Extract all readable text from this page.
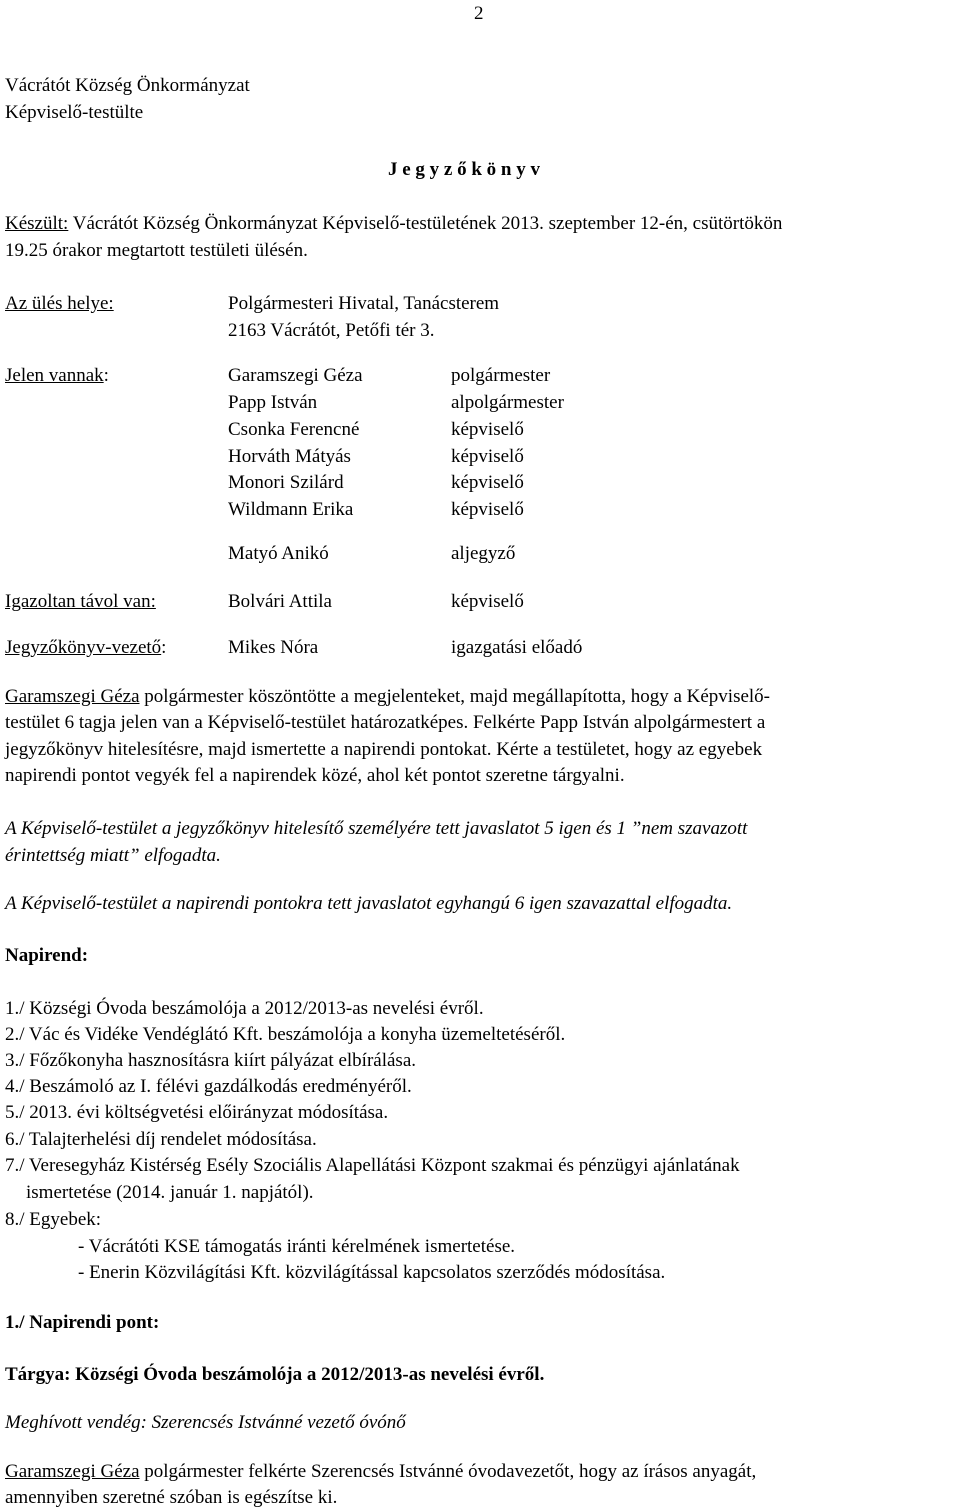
2
Vácrátót Község Önkormányzat
Képviselő-testülte
J e g y z ő k ö n y v
Készült: Vácrátót Község Önkormányzat Képviselő-testületének 2013. szeptember 12-én, csütörtökön
19.25 órakor megtartott testületi ülésén.
Az ülés helye:	Polgármesteri Hivatal, Tanácsterem
2163 Vácrátót, Petőfi tér 3.
Jelen vannak:	Garamszegi Géza	polgármester
Papp István	alpolgármester
Csonka Ferencné	képviselő
Horváth Mátyás	képviselő
Monori Szilárd	képviselő
Wildmann Erika	képviselő
Matyó Anikó	aljegyző
Igazoltan távol van:	Bolvári Attila	képviselő
Jegyzőkönyv-vezető:	Mikes Nóra	igazgatási előadó
Garamszegi Géza polgármester köszöntötte a megjelenteket, majd megállapította, hogy a Képviselő-
testület 6 tagja jelen van a Képviselő-testület határozatképes. Felkérte Papp István alpolgármestert a
jegyzőkönyv hitelesítésre, majd ismertette a napirendi pontokat. Kérte a testületet, hogy az egyebek
napirendi pontot vegyék fel a napirendek közé, ahol két pontot szeretne tárgyalni.
A Képviselő-testület a jegyzőkönyv hitelesítő személyére tett javaslatot 5 igen és 1 ”nem szavazott
érintettség miatt” elfogadta.
A Képviselő-testület a napirendi pontokra tett javaslatot egyhangú 6 igen szavazattal elfogadta.
Napirend:
1./ Községi Óvoda beszámolója a 2012/2013-as nevelési évről.
2./ Vác és Vidéke Vendéglátó Kft. beszámolója a konyha üzemeltetéséről.
3./ Főzőkonyha hasznosításra kiírt pályázat elbírálása.
4./ Beszámoló az I. félévi gazdálkodás eredményéről.
5./ 2013. évi költségvetési előirányzat módosítása.
6./ Talajterhelési díj rendelet módosítása.
7./ Veresegyház Kistérség Esély Szociális Alapellátási Központ szakmai és pénzügyi ajánlatának
ismertetése (2014. január 1. napjától).
8./ Egyebek:
- Vácrátóti KSE támogatás iránti kérelmének ismertetése.
- Enerin Közvilágítási Kft. közvilágítással kapcsolatos szerződés módosítása.
1./ Napirendi pont:
Tárgya: Községi Óvoda beszámolója a 2012/2013-as nevelési évről.
Meghívott vendég: Szerencsés Istvánné vezető óvónő
Garamszegi Géza polgármester felkérte Szerencsés Istvánné óvodavezetőt, hogy az írásos anyagát,
amennyiben szeretné szóban is egészítse ki.
